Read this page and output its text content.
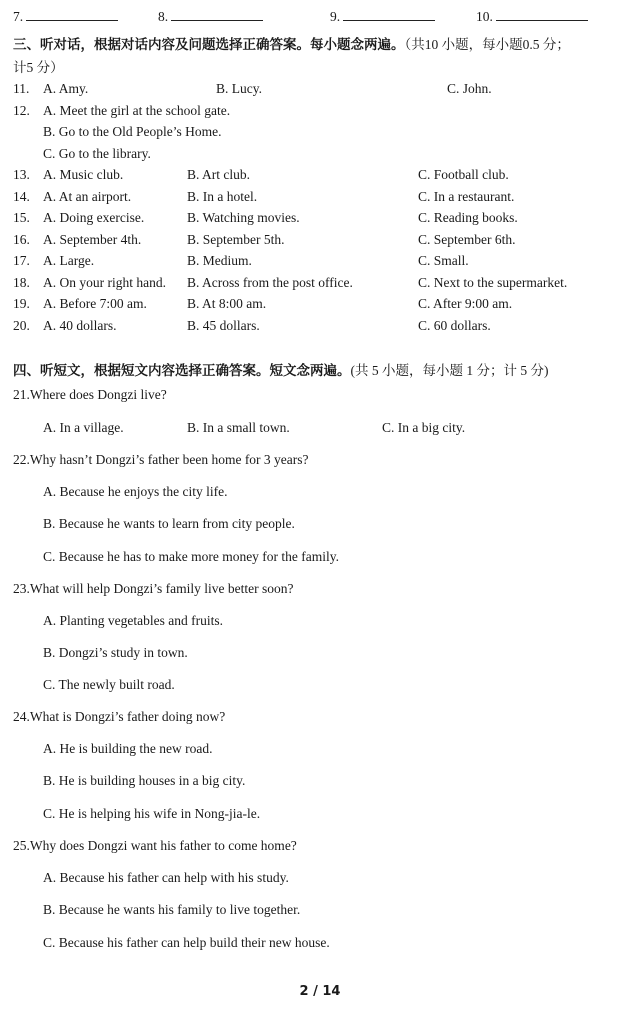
7.	8.	9.	10.
三、听对话，根据对话内容及问题选择正确答案。每小题念两遍。（共10 小题，每小题0.5 分；
计5 分）
11. A. Amy.	B. Lucy.	C. John.
12. A. Meet the girl at the school gate.
B. Go to the Old People’s Home.
C. Go to the library.
13. A. Music club.	B. Art club.	C. Football club.
14. A. At an airport.	B. In a hotel.	C. In a restaurant.
15. A. Doing exercise.	B. Watching movies.	C. Reading books.
16. A. September 4th.	B. September 5th.	C. September 6th.
17. A. Large.	B. Medium.	C. Small.
18. A. On your right hand. B. Across from the post office.	C. Next to the supermarket.
19. A. Before 7:00 am.	B. At 8:00 am.	C. After 9:00 am.
20. A. 40 dollars.	B. 45 dollars.	C. 60 dollars.
四、听短文，根据短文内容选择正确答案。短文念两遍。(共 5 小题，每小题 1 分；计 5 分)
21.Where does Dongzi live?
A. In a village.	B. In a small town.	C. In a big city.
22.Why hasn’t Dongzi’s father been home for 3 years?
A. Because he enjoys the city life.
B. Because he wants to learn from city people.
C. Because he has to make more money for the family.
23.What will help Dongzi’s family live better soon?
A. Planting vegetables and fruits.
B. Dongzi’s study in town.
C. The newly built road.
24.What is Dongzi’s father doing now?
A. He is building the new road.
B. He is building houses in a big city.
C. He is helping his wife in Nong-jia-le.
25.Why does Dongzi want his father to come home?
A. Because his father can help with his study.
B. Because he wants his family to live together.
C. Because his father can help build their new house.
2 / 14
